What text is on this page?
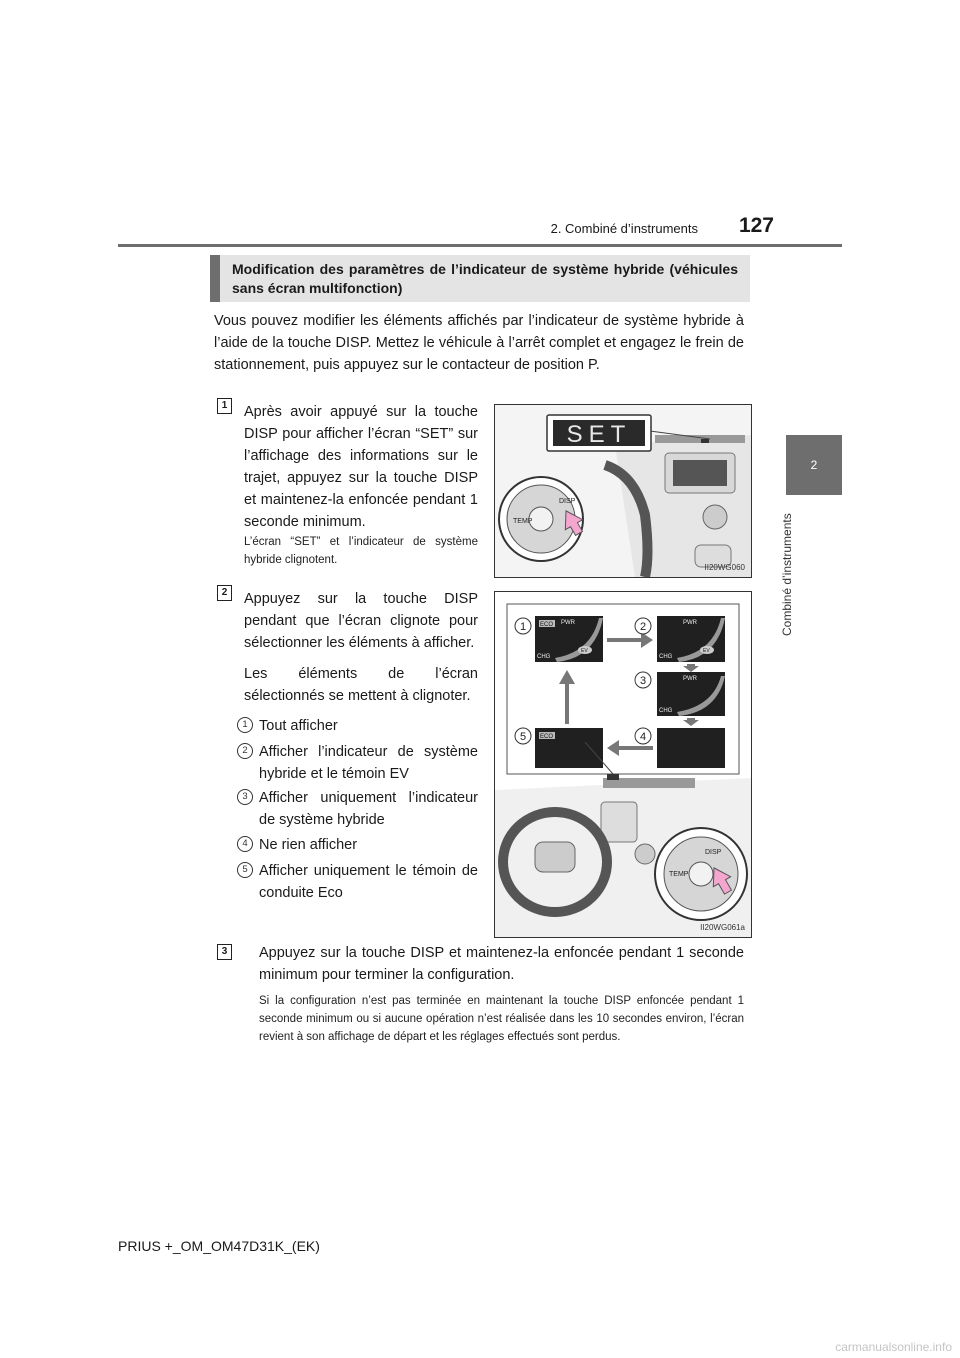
2. Combiné d’instruments 127
2
Combiné d’instruments
Modification des paramètres de l’indicateur de système hybride (véhicules sans écran multifonction)
Vous pouvez modifier les éléments affichés par l’indicateur de système hybride à l’aide de la touche DISP. Mettez le véhicule à l’arrêt complet et engagez le frein de stationnement, puis appuyez sur le contacteur de position P.
1	Après avoir appuyé sur la touche DISP pour afficher l’écran “SET” sur l’affichage des informations sur le trajet, appuyez sur la touche DISP et maintenez-la enfoncée pendant 1 seconde minimum.
L’écran “SET” et l’indicateur de système hybride clignotent.
SET
DISP
TEMP
II20WG060
2	Appuyez sur la touche DISP pendant que l’écran clignote pour sélectionner les éléments à afficher.
Les éléments de l’écran sélectionnés se mettent à clignoter.
1 Tout afficher
2 Afficher l’indicateur de système hybride et le témoin EV
3 Afficher uniquement l’indicateur de système hybride
4 Ne rien afficher
5 Afficher uniquement le témoin de conduite Eco
ECO PWR
CHG
EV
PWR
CHG
EV
PWR
CHG
ECO
1	2
3
4
5
DISP
TEMP
II20WG061a
3	Appuyez sur la touche DISP et maintenez-la enfoncée pendant 1 seconde minimum pour terminer la configuration.
Si la configuration n’est pas terminée en maintenant la touche DISP enfoncée pendant 1 seconde minimum ou si aucune opération n’est réalisée dans les 10 secondes environ, l’écran revient à son affichage de départ et les réglages effectués sont perdus.
PRIUS +_OM_OM47D31K_(EK)
carmanualsonline.info
